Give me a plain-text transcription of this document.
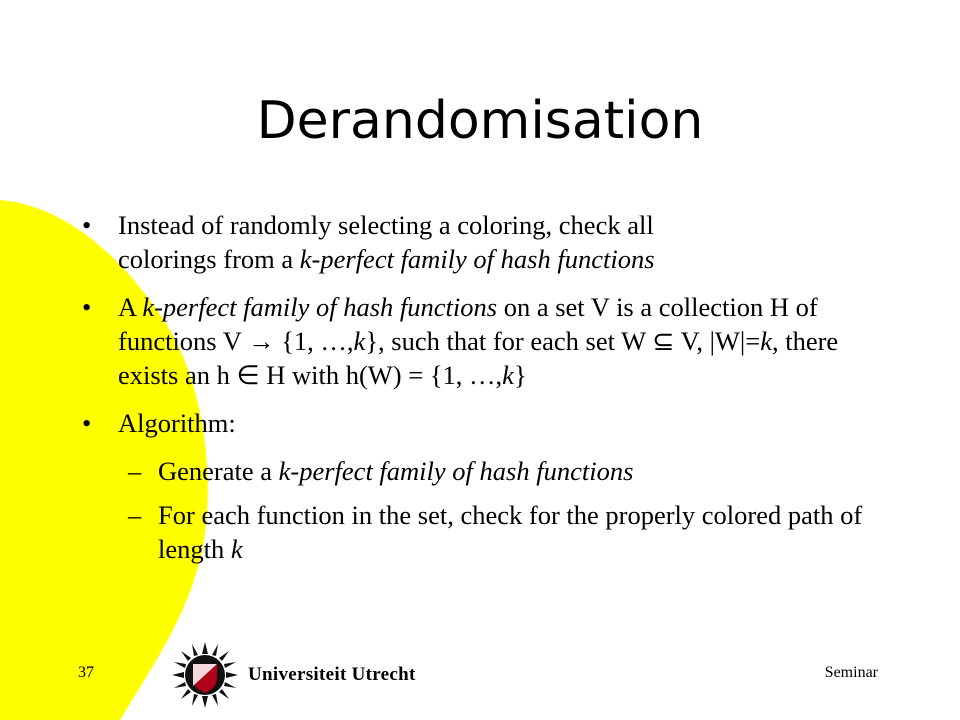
Derandomisation
• Instead of randomly selecting a coloring, check all
colorings from a k-perfect family of hash functions
• A k-perfect family of hash functions on a set V is a collection H of functions V → {1, …,k}, such that for each set W ⊆ V, |W|=k, there exists an h ∈ H with h(W) = {1, …,k}
• Algorithm:
– Generate a k-perfect family of hash functions
– For each function in the set, check for the properly colored path of length k
37	Universiteit Utrecht	Seminar
